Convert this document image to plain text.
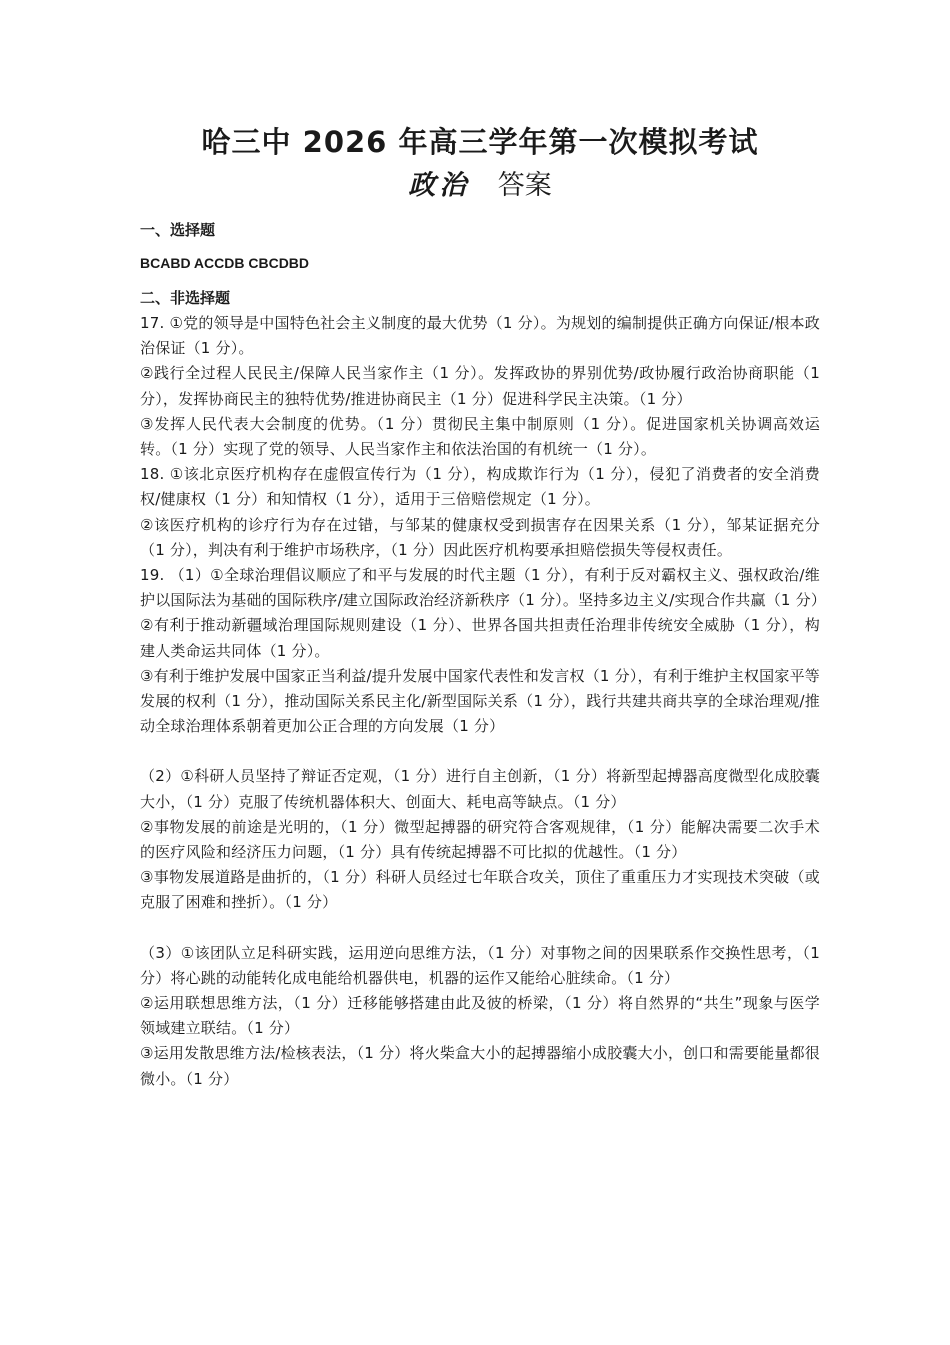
哈三中 2026 年高三学年第一次模拟考试
政治 答案

一、选择题

BCABD ACCDB CBCDBD

二、非选择题

17. ①党的领导是中国特色社会主义制度的最大优势（1 分）。为规划的编制提供正确方向保证/根本政治保证（1 分）。

②践行全过程人民民主/保障人民当家作主（1 分）。发挥政协的界别优势/政协履行政治协商职能（1 分），发挥协商民主的独特优势/推进协商民主（1 分）促进科学民主决策。（1 分）

③发挥人民代表大会制度的优势。（1 分）贯彻民主集中制原则（1 分）。促进国家机关协调高效运转。（1 分）实现了党的领导、人民当家作主和依法治国的有机统一（1 分）。

18. ①该北京医疗机构存在虚假宣传行为（1 分），构成欺诈行为（1 分），侵犯了消费者的安全消费权/健康权（1 分）和知情权（1 分），适用于三倍赔偿规定（1 分）。

②该医疗机构的诊疗行为存在过错，与邹某的健康权受到损害存在因果关系（1 分），邹某证据充分（1 分），判决有利于维护市场秩序，（1 分）因此医疗机构要承担赔偿损失等侵权责任。

19. （1）①全球治理倡议顺应了和平与发展的时代主题（1 分），有利于反对霸权主义、强权政治/维护以国际法为基础的国际秩序/建立国际政治经济新秩序（1 分）。坚持多边主义/实现合作共赢（1 分）

②有利于推动新疆域治理国际规则建设（1 分）、世界各国共担责任治理非传统安全威胁（1 分），构建人类命运共同体（1 分）。

③有利于维护发展中国家正当利益/提升发展中国家代表性和发言权（1 分），有利于维护主权国家平等发展的权利（1 分），推动国际关系民主化/新型国际关系（1 分），践行共建共商共享的全球治理观/推动全球治理体系朝着更加公正合理的方向发展（1 分）

（2）①科研人员坚持了辩证否定观，（1 分）进行自主创新，（1 分）将新型起搏器高度微型化成胶囊大小，（1 分）克服了传统机器体积大、创面大、耗电高等缺点。（1 分）

②事物发展的前途是光明的，（1 分）微型起搏器的研究符合客观规律，（1 分）能解决需要二次手术的医疗风险和经济压力问题，（1 分）具有传统起搏器不可比拟的优越性。（1 分）

③事物发展道路是曲折的，（1 分）科研人员经过七年联合攻关，顶住了重重压力才实现技术突破（或克服了困难和挫折）。（1 分）

（3）①该团队立足科研实践，运用逆向思维方法，（1 分）对事物之间的因果联系作交换性思考，（1 分）将心跳的动能转化成电能给机器供电，机器的运作又能给心脏续命。（1 分）

②运用联想思维方法，（1 分）迁移能够搭建由此及彼的桥梁，（1 分）将自然界的“共生”现象与医学领域建立联结。（1 分）

③运用发散思维方法/检核表法，（1 分）将火柴盒大小的起搏器缩小成胶囊大小，创口和需要能量都很微小。（1 分）
